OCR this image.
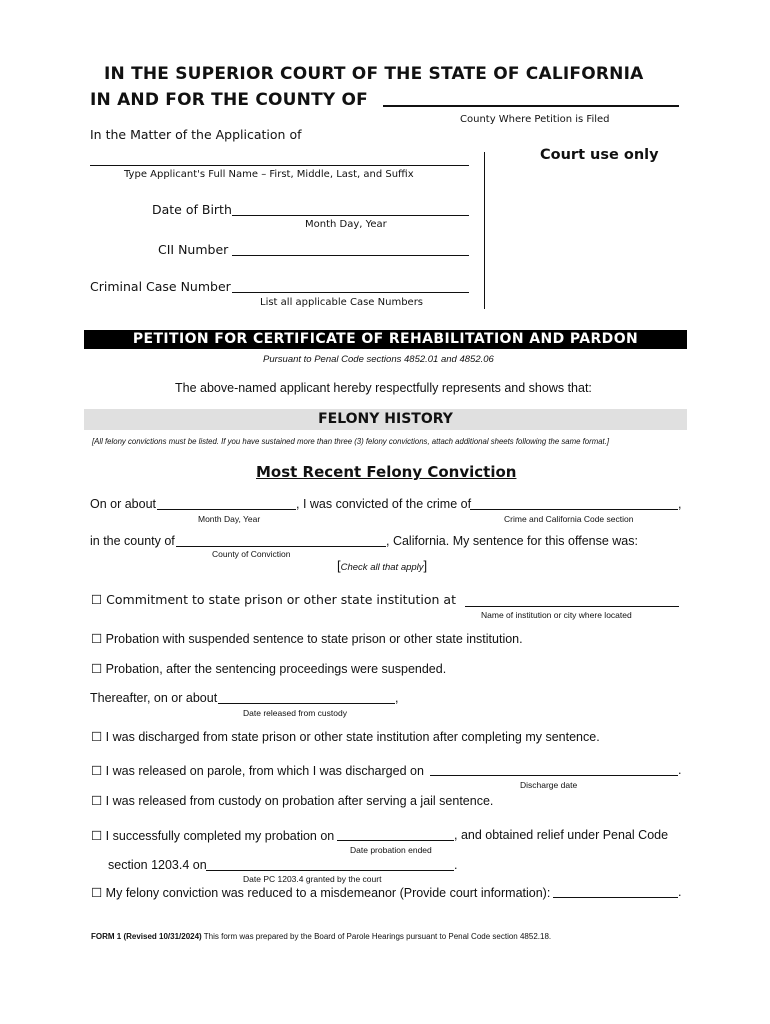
IN THE SUPERIOR COURT OF THE STATE OF CALIFORNIA
IN AND FOR THE COUNTY OF
County Where Petition is Filed
In the Matter of the Application of
Type Applicant's Full Name – First, Middle, Last, and Suffix
Date of Birth
Month Day, Year
CII Number
Criminal Case Number
List all applicable Case Numbers
Court use only
PETITION FOR CERTIFICATE OF REHABILITATION AND PARDON
Pursuant to Penal Code sections 4852.01 and 4852.06
The above-named applicant hereby respectfully represents and shows that:
FELONY HISTORY
[All felony convictions must be listed. If you have sustained more than three (3) felony convictions, attach additional sheets following the same format.]
Most Recent Felony Conviction
On or about	, I was convicted of the crime of	,
Month Day, Year	Crime and California Code section
in the county of	, California. My sentence for this offense was:
County of Conviction
[Check all that apply]
☐ Commitment to state prison or other state institution at
Name of institution or city where located
☐ Probation with suspended sentence to state prison or other state institution.
☐ Probation, after the sentencing proceedings were suspended.
Thereafter, on or about	,
Date released from custody
☐ I was discharged from state prison or other state institution after completing my sentence.
☐ I was released on parole, from which I was discharged on	.
Discharge date
☐ I was released from custody on probation after serving a jail sentence.
☐ I successfully completed my probation on	, and obtained relief under Penal Code
Date probation ended
section 1203.4 on	.
Date PC 1203.4 granted by the court
☐ My felony conviction was reduced to a misdemeanor (Provide court information):	.
FORM 1 (Revised 10/31/2024) This form was prepared by the Board of Parole Hearings pursuant to Penal Code section 4852.18.
